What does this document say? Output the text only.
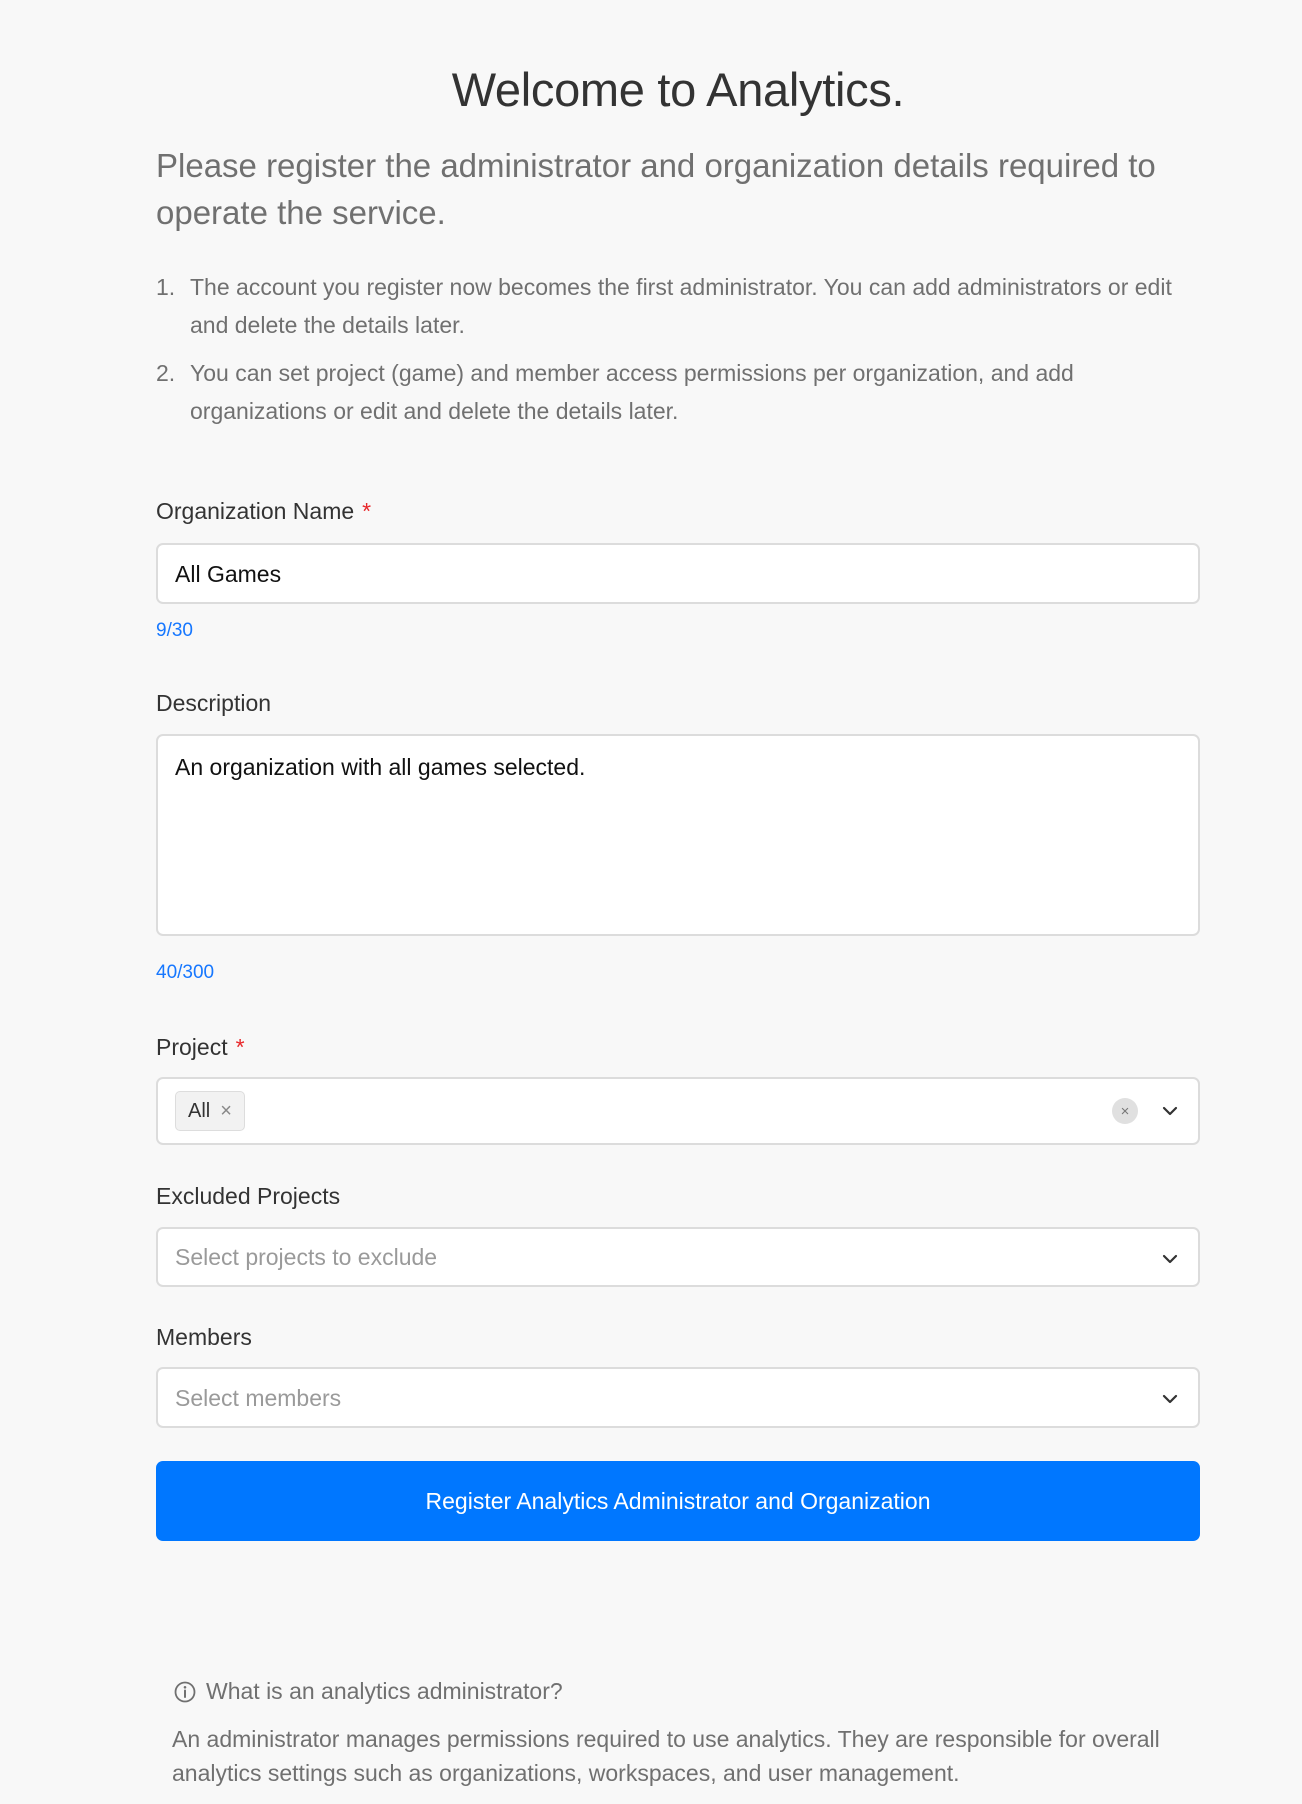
Welcome to Analytics.

Please register the administrator and organization details required to operate the service.

1. The account you register now becomes the first administrator. You can add administrators or edit and delete the details later.
2. You can set project (game) and member access permissions per organization, and add organizations or edit and delete the details later.
Organization Name *
All Games
9/30
Description
An organization with all games selected.
40/300
Project *
All ×	×
Excluded Projects
Select projects to exclude
Members
Select members
Register Analytics Administrator and Organization
What is an analytics administrator?

An administrator manages permissions required to use analytics. They are responsible for overall analytics settings such as organizations, workspaces, and user management.
